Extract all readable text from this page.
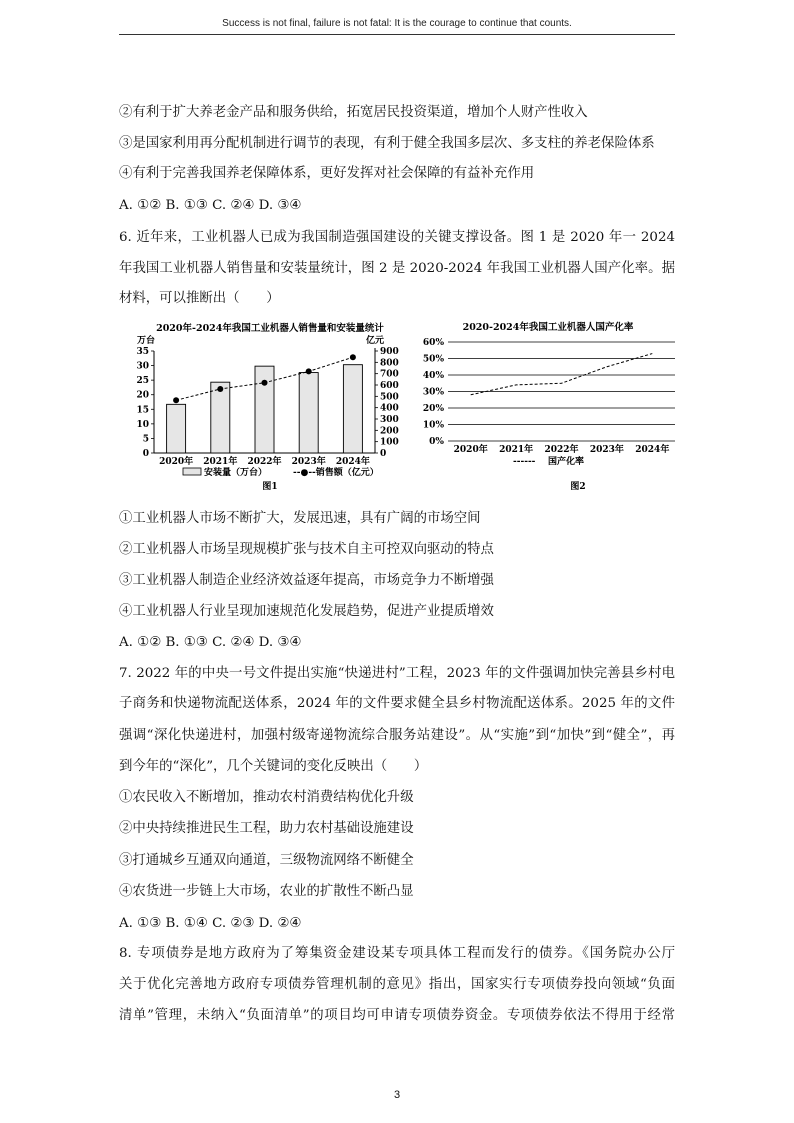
Success is not final, failure is not fatal: It is the courage to continue that counts.
②有利于扩大养老金产品和服务供给，拓宽居民投资渠道，增加个人财产性收入
③是国家利用再分配机制进行调节的表现，有利于健全我国多层次、多支柱的养老保险体系
④有利于完善我国养老保障体系，更好发挥对社会保障的有益补充作用
A. ①② B. ①③ C. ②④ D. ③④
6. 近年来，工业机器人已成为我国制造强国建设的关键支撑设备。图 1 是 2020 年一 2024
年我国工业机器人销售量和安装量统计，图 2 是 2020-2024 年我国工业机器人国产化率。据
材料，可以推断出（　　）
2020年-2024年我国工业机器人销售量和安装量统计
万台	亿元
0
5
10
15
20
25
30
35
0
100
200
300
400
500
600
700
800
900
2020年 2021年 2022年 2023年 2024年
安装量（万台）	--●--销售额（亿元）
图1
2020-2024年我国工业机器人国产化率
0%
10%
20%
30%
40%
50%
60%
2020年 2021年 2022年 2023年 2024年
------ 国产化率
图2
①工业机器人市场不断扩大，发展迅速，具有广阔的市场空间
②工业机器人市场呈现规模扩张与技术自主可控双向驱动的特点
③工业机器人制造企业经济效益逐年提高，市场竞争力不断增强
④工业机器人行业呈现加速规范化发展趋势，促进产业提质增效
A. ①② B. ①③ C. ②④ D. ③④
7. 2022 年的中央一号文件提出实施“快递进村”工程，2023 年的文件强调加快完善县乡村电
子商务和快递物流配送体系，2024 年的文件要求健全县乡村物流配送体系。2025 年的文件
强调“深化快递进村，加强村级寄递物流综合服务站建设”。从“实施”到“加快”到“健全”，再
到今年的“深化”，几个关键词的变化反映出（　　）
①农民收入不断增加，推动农村消费结构优化升级
②中央持续推进民生工程，助力农村基础设施建设
③打通城乡互通双向通道，三级物流网络不断健全
④农货进一步链上大市场，农业的扩散性不断凸显
A. ①③ B. ①④ C. ②③ D. ②④
8. 专项债券是地方政府为了筹集资金建设某专项具体工程而发行的债券。《国务院办公厅
关于优化完善地方政府专项债券管理机制的意见》指出，国家实行专项债券投向领域“负面
清单”管理，未纳入“负面清单”的项目均可申请专项债券资金。专项债券依法不得用于经常
3
